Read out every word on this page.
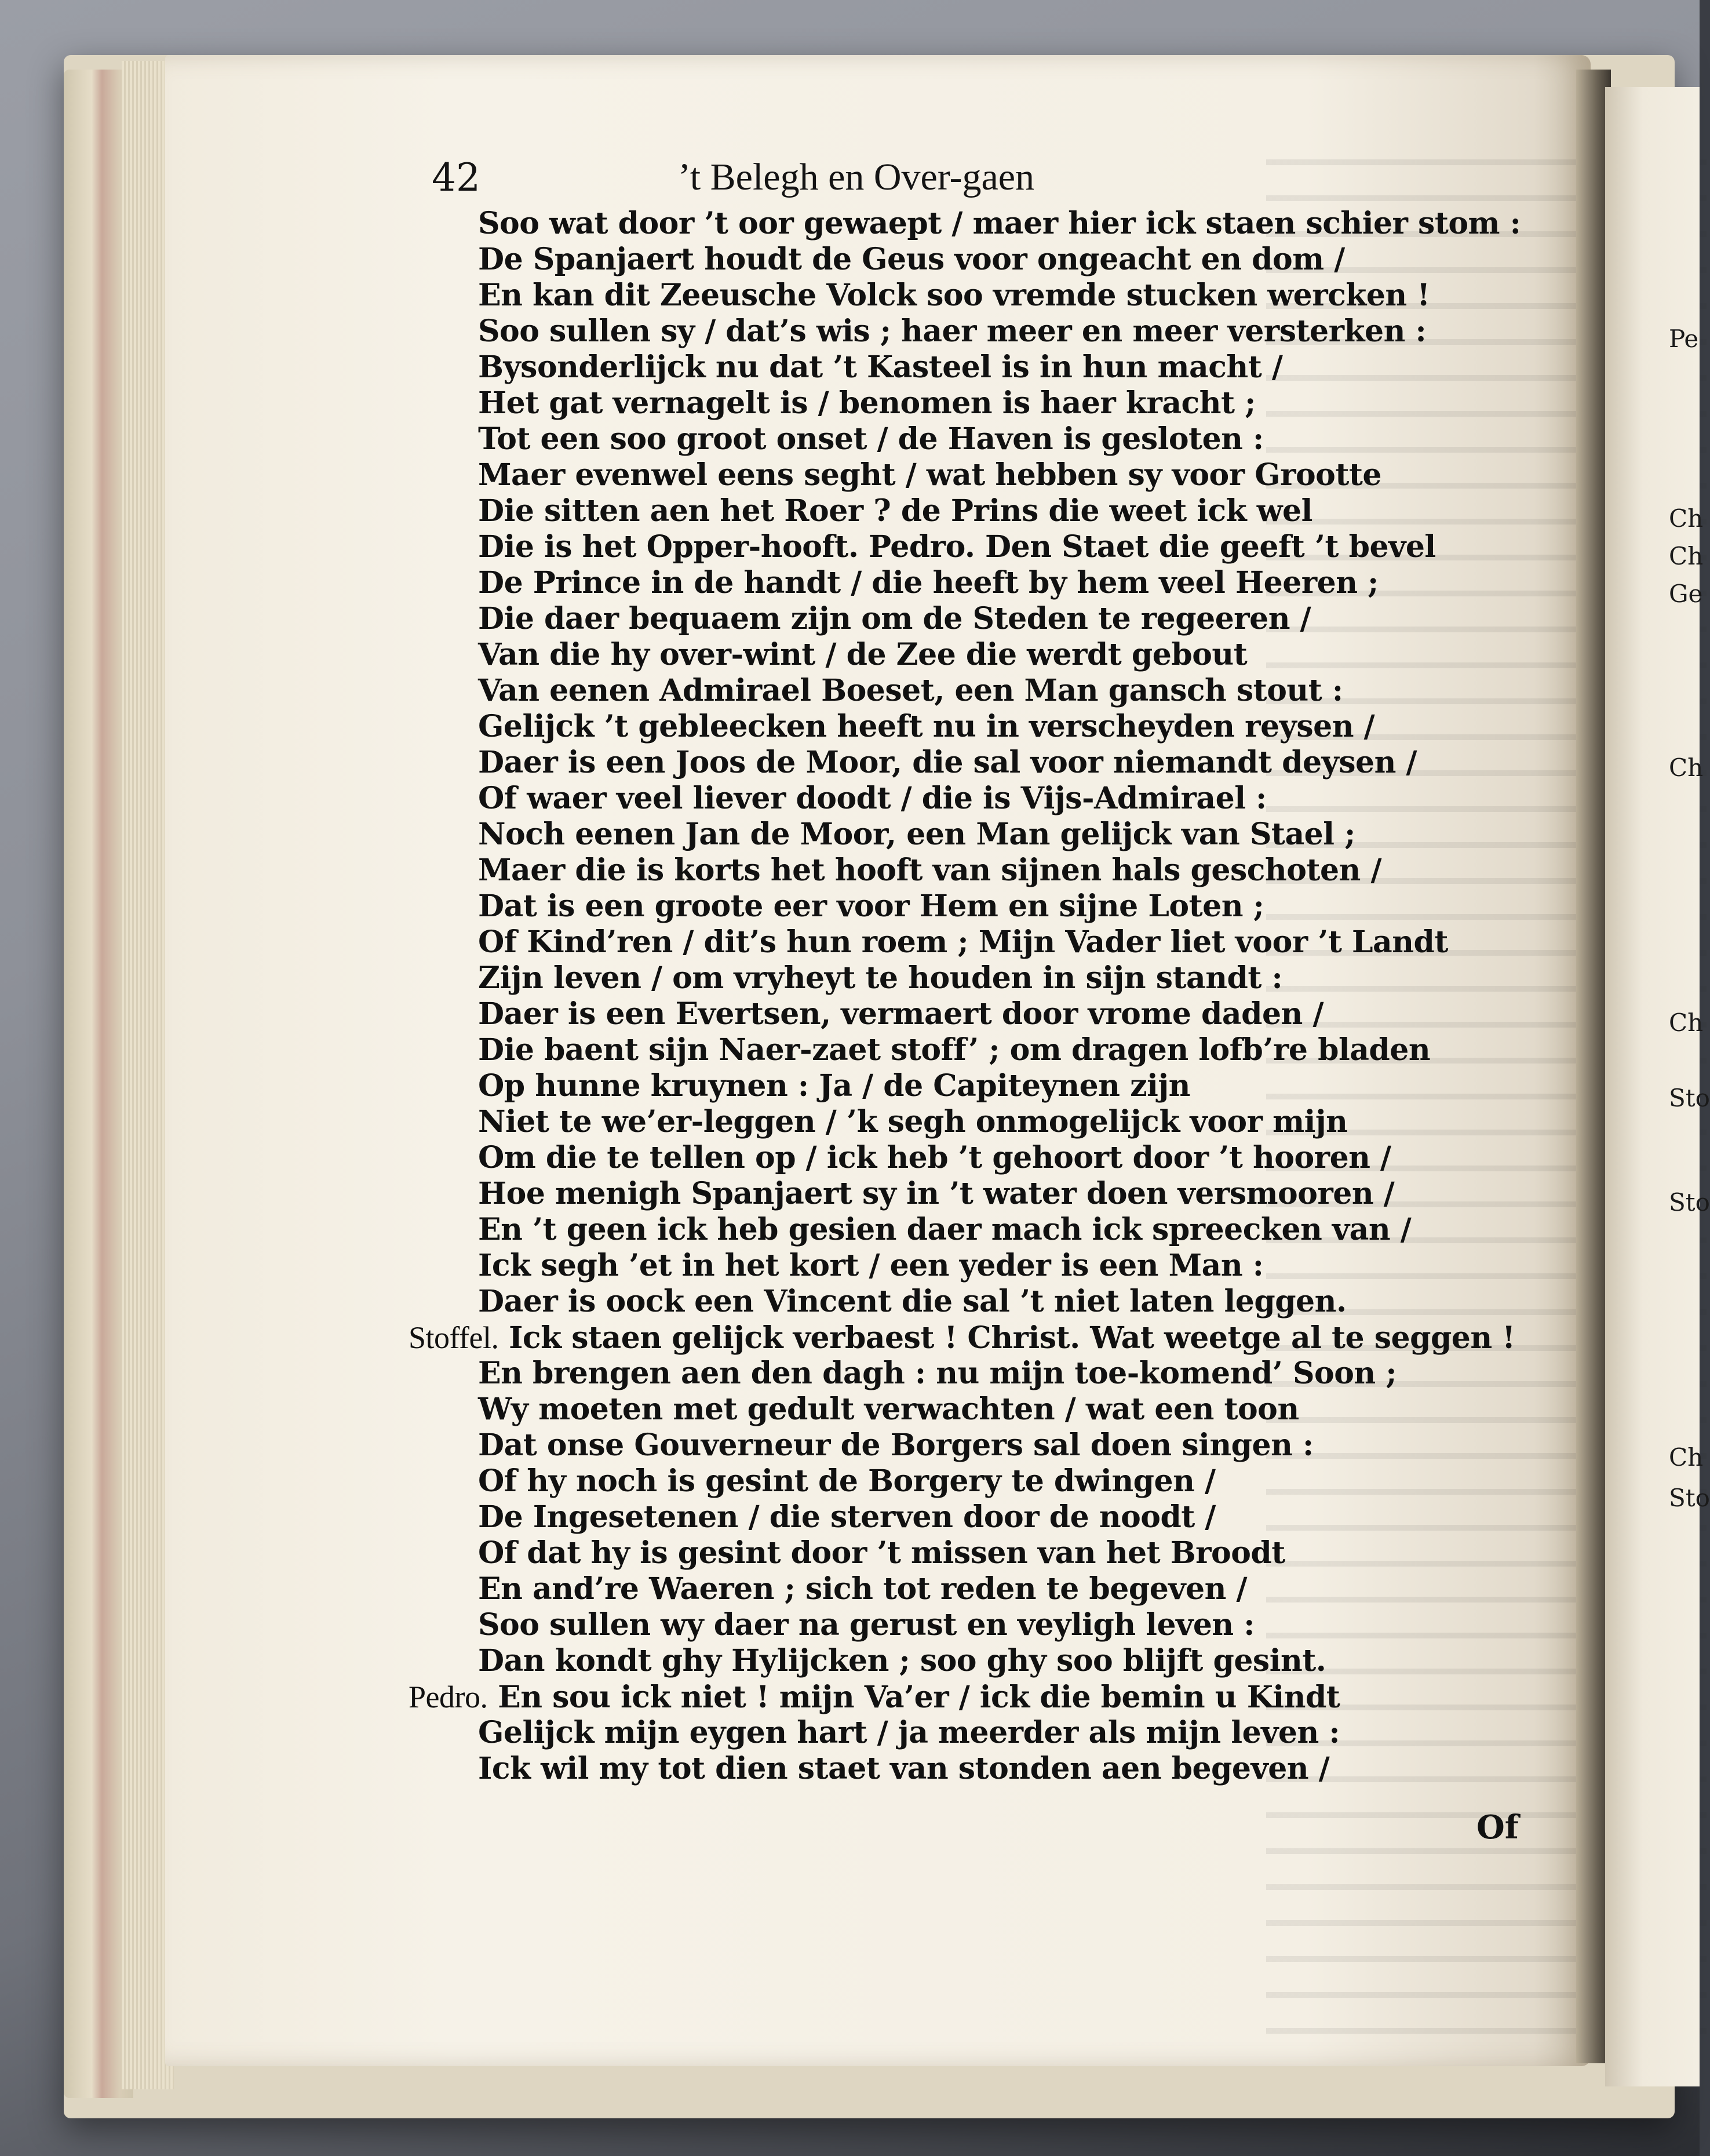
Pe
Ch
Ch
Ge
Ch
Ch
Sto
Sto
Ch
Sto
42	’t Belegh en Over-gaen
Soo wat door ’t oor gewaept / maer hier ick staen schier stom :
De Spanjaert houdt de Geus voor ongeacht en dom /
En kan dit Zeeusche Volck soo vremde stucken wercken !
Soo sullen sy / dat’s wis ; haer meer en meer versterken :
Bysonderlijck nu dat ’t Kasteel is in hun macht /
Het gat vernagelt is / benomen is haer kracht ;
Tot een soo groot onset / de Haven is gesloten :
Maer evenwel eens seght / wat hebben sy voor Grootte
Die sitten aen het Roer ? de Prins die weet ick wel
Die is het Opper-hooft. Pedro. Den Staet die geeft ’t bevel
De Prince in de handt / die heeft by hem veel Heeren ;
Die daer bequaem zijn om de Steden te regeeren /
Van die hy over-wint / de Zee die werdt gebout
Van eenen Admirael Boeset, een Man gansch stout :
Gelijck ’t gebleecken heeft nu in verscheyden reysen /
Daer is een Joos de Moor, die sal voor niemandt deysen /
Of waer veel liever doodt / die is Vijs-Admirael :
Noch eenen Jan de Moor, een Man gelijck van Stael ;
Maer die is korts het hooft van sijnen hals geschoten /
Dat is een groote eer voor Hem en sijne Loten ;
Of Kind’ren / dit’s hun roem ; Mijn Vader liet voor ’t Landt
Zijn leven / om vryheyt te houden in sijn standt :
Daer is een Evertsen, vermaert door vrome daden /
Die baent sijn Naer-zaet stoff’ ; om dragen lofb’re bladen
Op hunne kruynen : Ja / de Capiteynen zijn
Niet te we’er-leggen / ’k segh onmogelijck voor mijn
Om die te tellen op / ick heb ’t gehoort door ’t hooren /
Hoe menigh Spanjaert sy in ’t water doen versmooren /
En ’t geen ick heb gesien daer mach ick spreecken van /
Ick segh ’et in het kort / een yeder is een Man :
Daer is oock een Vincent die sal ’t niet laten leggen.
Stoffel. Ick staen gelijck verbaest ! Christ. Wat weetge al te seggen !
En brengen aen den dagh : nu mijn toe-komend’ Soon ;
Wy moeten met gedult verwachten / wat een toon
Dat onse Gouverneur de Borgers sal doen singen :
Of hy noch is gesint de Borgery te dwingen /
De Ingesetenen / die sterven door de noodt /
Of dat hy is gesint door ’t missen van het Broodt
En and’re Waeren ; sich tot reden te begeven /
Soo sullen wy daer na gerust en veyligh leven :
Dan kondt ghy Hylijcken ; soo ghy soo blijft gesint.
Pedro. En sou ick niet ! mijn Va’er / ick die bemin u Kindt
Gelijck mijn eygen hart / ja meerder als mijn leven :
Ick wil my tot dien staet van stonden aen begeven /
Of
